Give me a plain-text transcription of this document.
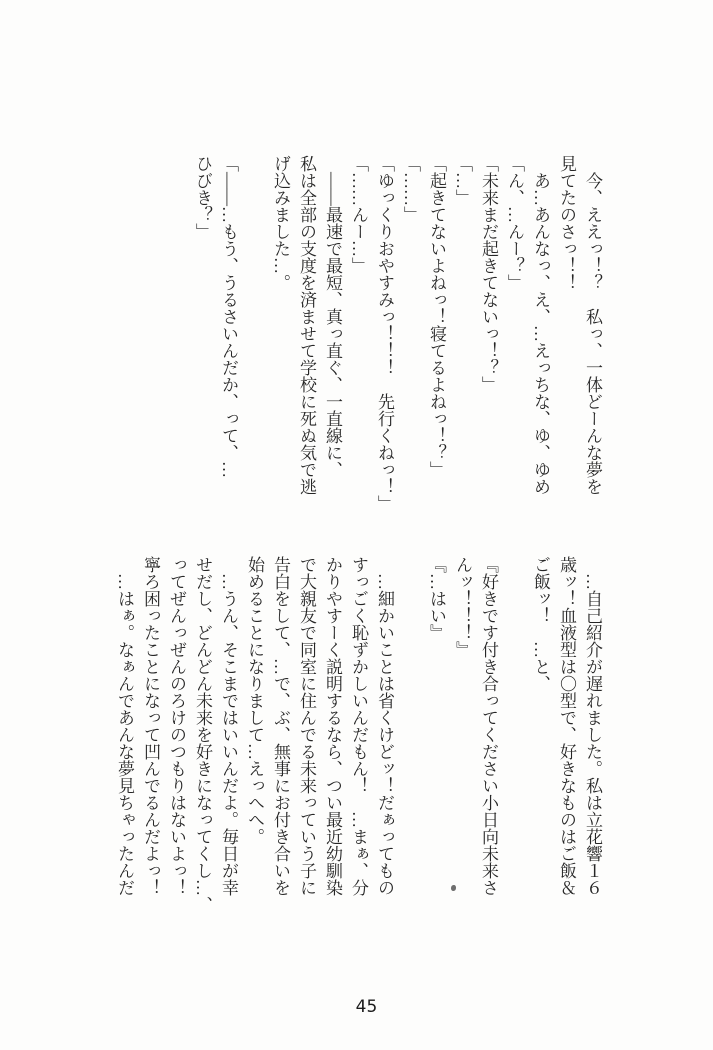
今、ええっ！？　私っ、一体どーんな夢を
見てたのさっ！！
あ…あんなっ、え、…えっちな、ゆ、ゆめ
「ん、…んー？」
「未来まだ起きてないっ！？」
「…」
「起きてないよねっ！寝てるよねっ！？」
「……」
「ゆっくりおやすみっ！！！　先行くねっ！」
「……んー…」
――最速で最短、真っ直ぐ、一直線に、
私は全部の支度を済ませて学校に死ぬ気で逃
げ込みました…。
「――…もう、うるさいんだか、って、…
ひびき？」
…自己紹介が遅れました。私は立花響１６
歳ッ！血液型は〇型で、好きなものはご飯＆
ご飯ッ！　…と、
『好きです付き合ってください小日向未来さ
んッ！！！』
『…はい』
…細かいことは省くけどッ！だぁってもの
すっごく恥ずかしいんだもん！　…まぁ、分
かりやすーく説明するなら、つい最近幼馴染
で大親友で同室に住んでる未来っていう子に
告白をして、…で、ぶ、無事にお付き合いを
始めることになりまして…えっへへ。
…うん、そこまではいいんだよ。毎日が幸
せだし、どんどん未来を好きになってくし…、
ってぜんっぜんのろけのつもりはないよっ！
寧ろ困ったことになって凹んでるんだよっ！
…はぁ。なぁんであんな夢見ちゃったんだ
45
